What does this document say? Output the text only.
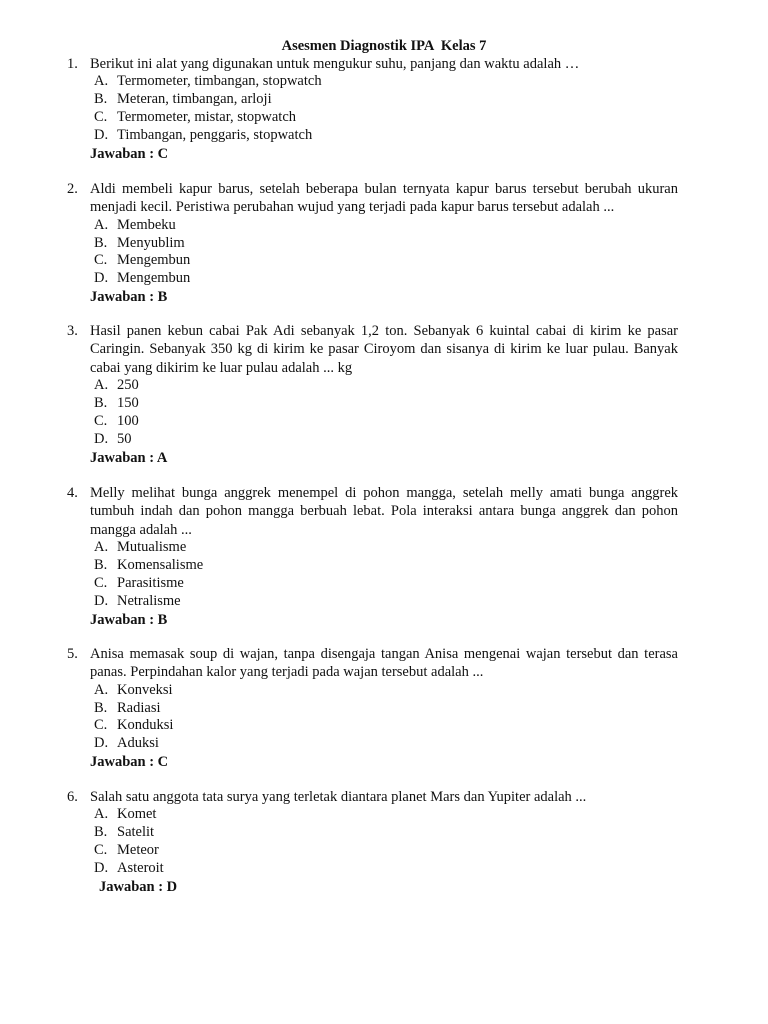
Asesmen Diagnostik IPA  Kelas 7
1. Berikut ini alat yang digunakan untuk mengukur suhu, panjang dan waktu adalah …
A. Termometer, timbangan, stopwatch
B. Meteran, timbangan, arloji
C. Termometer, mistar, stopwatch
D. Timbangan, penggaris, stopwatch
Jawaban : C
2. Aldi membeli kapur barus, setelah beberapa bulan ternyata kapur barus tersebut berubah ukuran menjadi kecil. Peristiwa perubahan wujud yang terjadi pada kapur barus tersebut adalah ...
A. Membeku
B. Menyublim
C. Mengembun
D. Mengembun
Jawaban : B
3. Hasil panen kebun cabai Pak Adi sebanyak 1,2 ton. Sebanyak 6 kuintal cabai di kirim ke pasar Caringin. Sebanyak 350 kg di kirim ke pasar Ciroyom dan sisanya di kirim ke luar pulau. Banyak cabai yang dikirim ke luar pulau adalah ... kg
A. 250
B. 150
C. 100
D. 50
Jawaban : A
4. Melly melihat bunga anggrek menempel di pohon mangga, setelah melly amati bunga anggrek tumbuh indah dan pohon mangga berbuah lebat. Pola interaksi antara bunga anggrek dan pohon mangga adalah ...
A. Mutualisme
B. Komensalisme
C. Parasitisme
D. Netralisme
Jawaban : B
5. Anisa memasak soup di wajan, tanpa disengaja tangan Anisa mengenai wajan tersebut dan terasa panas. Perpindahan kalor yang terjadi pada wajan tersebut adalah ...
A. Konveksi
B. Radiasi
C. Konduksi
D. Aduksi
Jawaban : C
6. Salah satu anggota tata surya yang terletak diantara planet Mars dan Yupiter adalah ...
A. Komet
B. Satelit
C. Meteor
D. Asteroit
Jawaban : D
